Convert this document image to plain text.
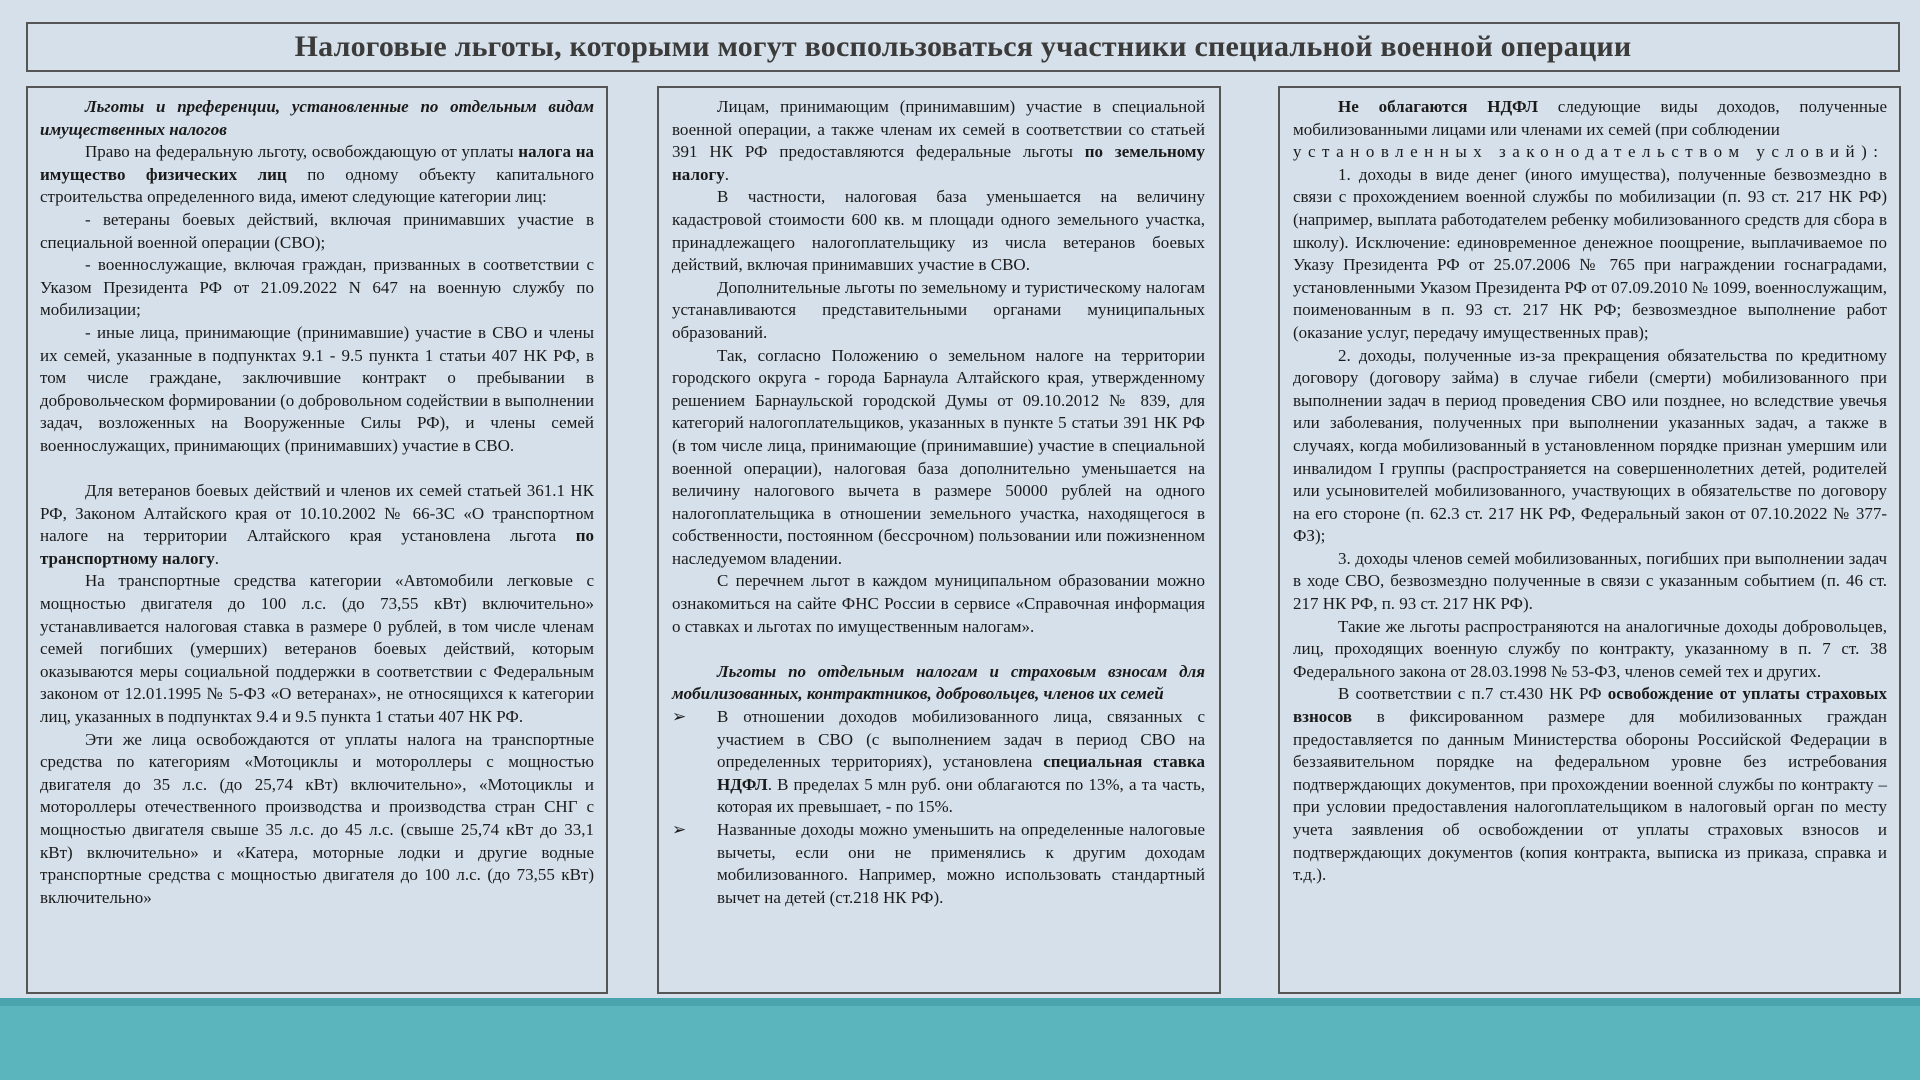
Налоговые льготы, которыми могут воспользоваться участники специальной военной операции

Льготы и преференции, установленные по отдельным видам имущественных налогов

Право на федеральную льготу, освобождающую от уплаты налога на имущество физических лиц по одному объекту капитального строительства определенного вида, имеют следующие категории лиц:

- ветераны боевых действий, включая принимавших участие в специальной военной операции (СВО);

- военнослужащие, включая граждан, призванных в соответствии с Указом Президента РФ от 21.09.2022 N 647 на военную службу по мобилизации;

- иные лица, принимающие (принимавшие) участие в СВО и члены их семей, указанные в подпунктах 9.1 - 9.5 пункта 1 статьи 407 НК РФ, в том числе граждане, заключившие контракт о пребывании в добровольческом формировании (о добровольном содействии в выполнении задач, возложенных на Вооруженные Силы РФ), и члены семей военнослужащих, принимающих (принимавших) участие в СВО.

Для ветеранов боевых действий и членов их семей статьей 361.1 НК РФ, Законом Алтайского края от 10.10.2002 № 66-ЗС «О транспортном налоге на территории Алтайского края установлена льгота по транспортному налогу.

На транспортные средства категории «Автомобили легковые с мощностью двигателя до 100 л.с. (до 73,55 кВт) включительно» устанавливается налоговая ставка в размере 0 рублей, в том числе членам семей погибших (умерших) ветеранов боевых действий, которым оказываются меры социальной поддержки в соответствии с Федеральным законом от 12.01.1995 № 5-ФЗ «О ветеранах», не относящихся к категории лиц, указанных в подпунктах 9.4 и 9.5 пункта 1 статьи 407 НК РФ.

Эти же лица освобождаются от уплаты налога на транспортные средства по категориям «Мотоциклы и мотороллеры с мощностью двигателя до 35 л.с. (до 25,74 кВт) включительно», «Мотоциклы и мотороллеры отечественного производства и производства стран СНГ с мощностью двигателя свыше 35 л.с. до 45 л.с. (свыше 25,74 кВт до 33,1 кВт) включительно» и «Катера, моторные лодки и другие водные транспортные средства с мощностью двигателя до 100 л.с. (до 73,55 кВт) включительно»

Лицам, принимающим (принимавшим) участие в специальной военной операции, а также членам их семей в соответствии со статьей 391 НК РФ предоставляются федеральные льготы по земельному налогу.

В частности, налоговая база уменьшается на величину кадастровой стоимости 600 кв. м площади одного земельного участка, принадлежащего налогоплательщику из числа ветеранов боевых действий, включая принимавших участие в СВО.

Дополнительные льготы по земельному и туристическому налогам устанавливаются представительными органами муниципальных образований.

Так, согласно Положению о земельном налоге на территории городского округа - города Барнаула Алтайского края, утвержденному решением Барнаульской городской Думы от 09.10.2012 № 839, для категорий налогоплательщиков, указанных в пункте 5 статьи 391 НК РФ (в том числе лица, принимающие (принимавшие) участие в специальной военной операции), налоговая база дополнительно уменьшается на величину налогового вычета в размере 50000 рублей на одного налогоплательщика в отношении земельного участка, находящегося в собственности, постоянном (бессрочном) пользовании или пожизненном наследуемом владении.

С перечнем льгот в каждом муниципальном образовании можно ознакомиться на сайте ФНС России в сервисе «Справочная информация о ставках и льготах по имущественным налогам».

Льготы по отдельным налогам и страховым взносам для мобилизованных, контрактников, добровольцев, членов их семей

➢	В отношении доходов мобилизованного лица, связанных с участием в СВО (с выполнением задач в период СВО на определенных территориях), установлена специальная ставка НДФЛ. В пределах 5 млн руб. они облагаются по 13%, а та часть, которая их превышает, - по 15%.
➢	Названные доходы можно уменьшить на определенные налоговые вычеты, если они не применялись к другим доходам мобилизованного. Например, можно использовать стандартный вычет на детей (ст.218 НК РФ).

Не облагаются НДФЛ следующие виды доходов, полученные мобилизованными лицами или членами их семей (при соблюдении

установленных законодательством условий):

1. доходы в виде денег (иного имущества), полученные безвозмездно в связи с прохождением военной службы по мобилизации (п. 93 ст. 217 НК РФ) (например, выплата работодателем ребенку мобилизованного средств для сбора в школу). Исключение: единовременное денежное поощрение, выплачиваемое по Указу Президента РФ от 25.07.2006 № 765 при награждении госнаградами, установленными Указом Президента РФ от 07.09.2010 № 1099, военнослужащим, поименованным в п. 93 ст. 217 НК РФ; безвозмездное выполнение работ (оказание услуг, передачу имущественных прав);

2. доходы, полученные из-за прекращения обязательства по кредитному договору (договору займа) в случае гибели (смерти) мобилизованного при выполнении задач в период проведения СВО или позднее, но вследствие увечья или заболевания, полученных при выполнении указанных задач, а также в случаях, когда мобилизованный в установленном порядке признан умершим или инвалидом I группы (распространяется на совершеннолетних детей, родителей или усыновителей мобилизованного, участвующих в обязательстве по договору на его стороне (п. 62.3 ст. 217 НК РФ, Федеральный закон от 07.10.2022 № 377-ФЗ);

3. доходы членов семей мобилизованных, погибших при выполнении задач в ходе СВО, безвозмездно полученные в связи с указанным событием (п. 46 ст. 217 НК РФ, п. 93 ст. 217 НК РФ).

Такие же льготы распространяются на аналогичные доходы добровольцев, лиц, проходящих военную службу по контракту, указанному в п. 7 ст. 38 Федерального закона от 28.03.1998 № 53-ФЗ, членов семей тех и других.

В соответствии с п.7 ст.430 НК РФ освобождение от уплаты страховых взносов в фиксированном размере для мобилизованных граждан предоставляется по данным Министерства обороны Российской Федерации в беззаявительном порядке на федеральном уровне без истребования подтверждающих документов, при прохождении военной службы по контракту – при условии предоставления налогоплательщиком в налоговый орган по месту учета заявления об освобождении от уплаты страховых взносов и подтверждающих документов (копия контракта, выписка из приказа, справка и т.д.).
